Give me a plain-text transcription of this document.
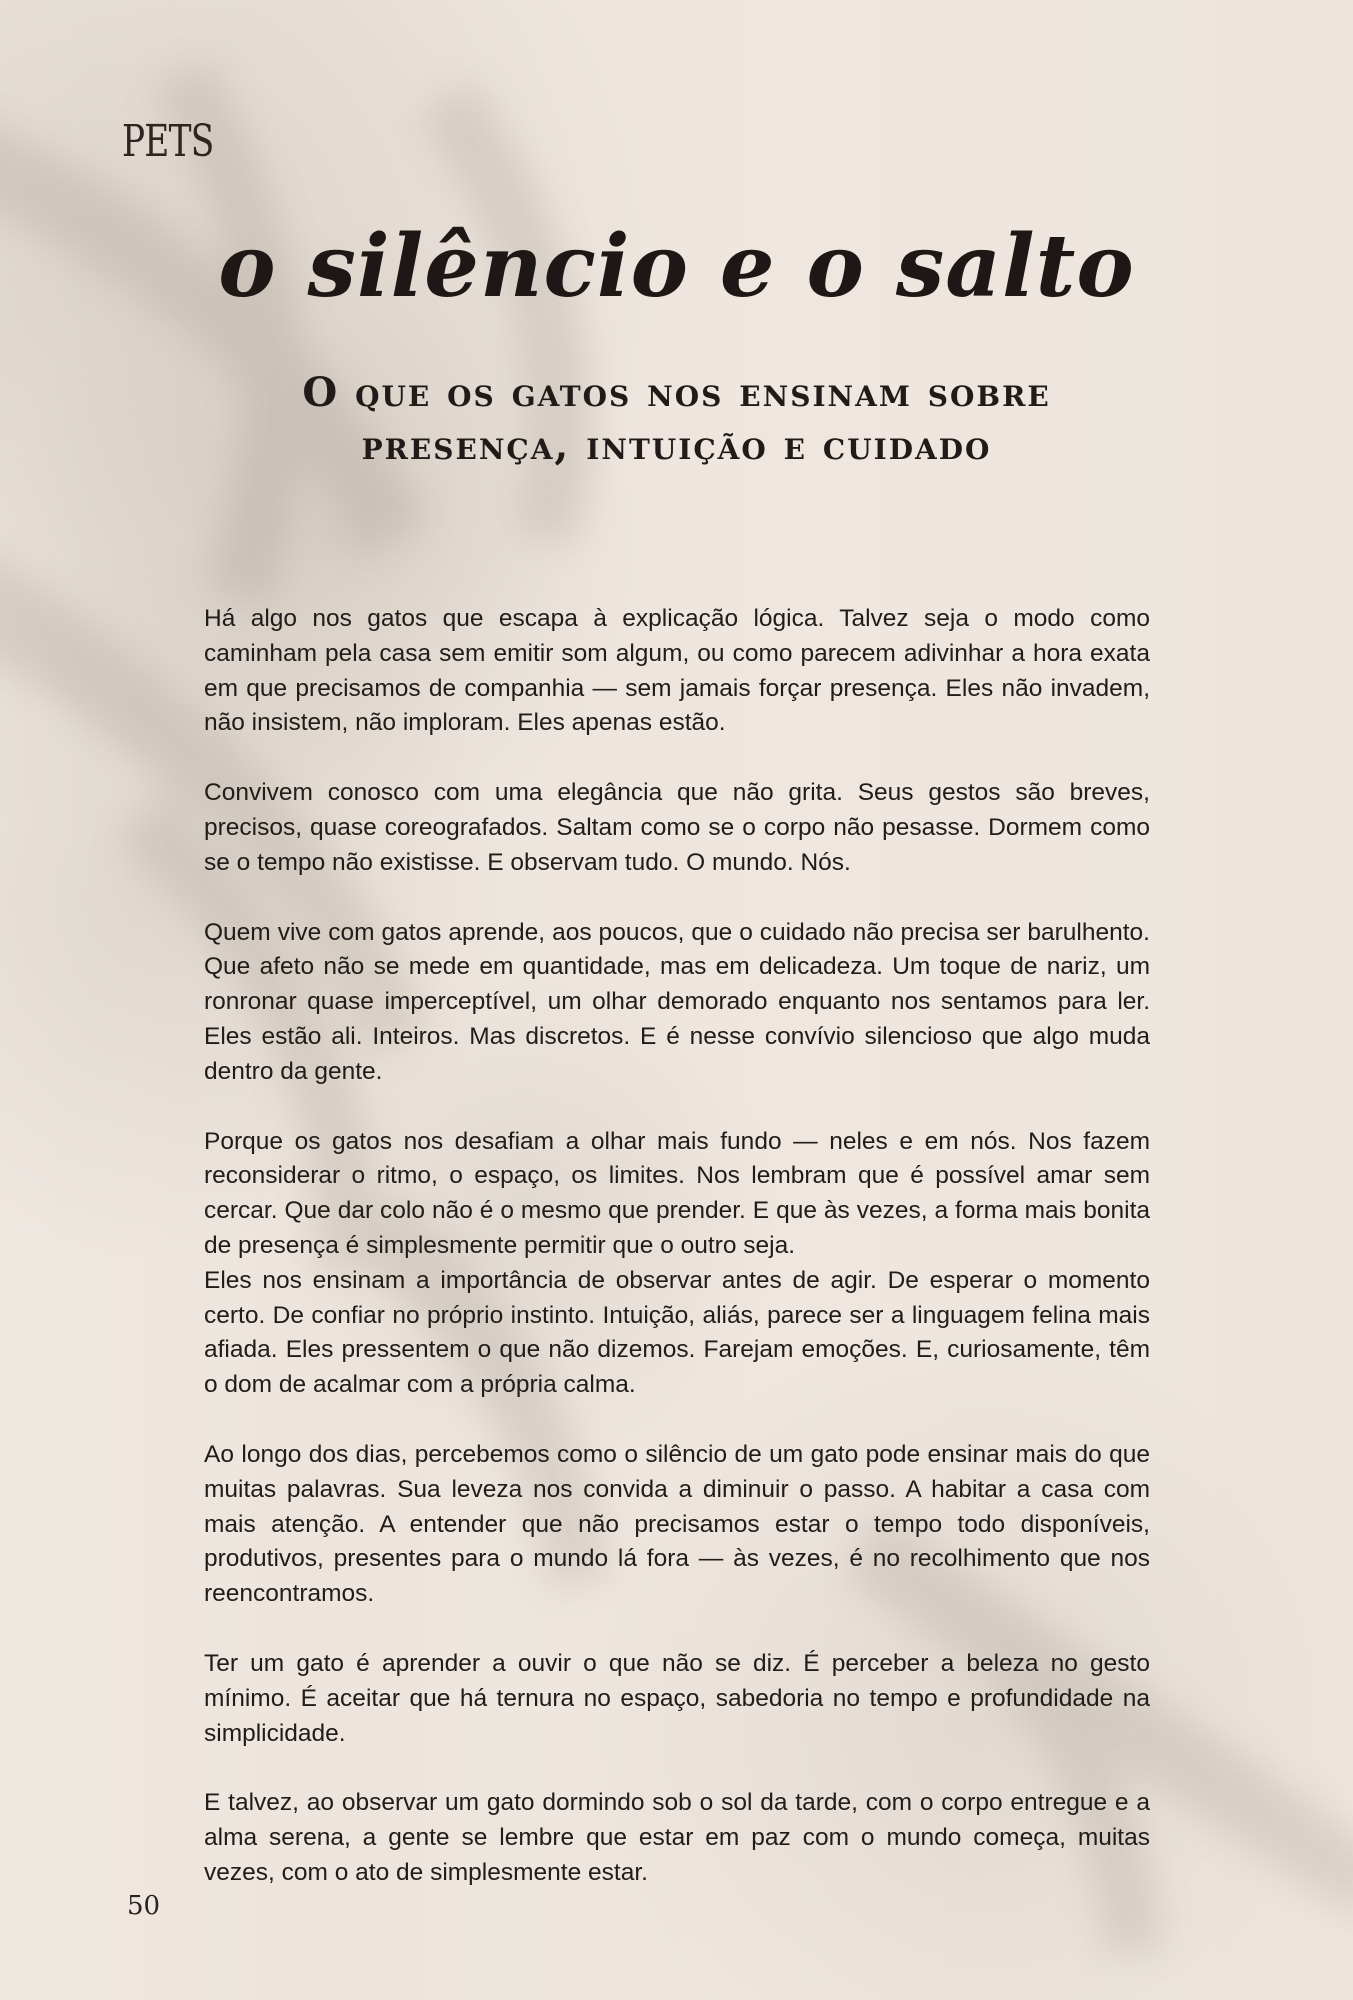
PETS

o silêncio e o salto
O que os gatos nos ensinam sobre
presença, intuição e cuidado

Há algo nos gatos que escapa à explicação lógica. Talvez seja o modo como caminham pela casa sem emitir som algum, ou como parecem adivinhar a hora exata em que precisamos de companhia — sem jamais forçar presença. Eles não invadem, não insistem, não imploram. Eles apenas estão.

Convivem conosco com uma elegância que não grita. Seus gestos são breves, precisos, quase coreografados. Saltam como se o corpo não pesasse. Dormem como se o tempo não existisse. E observam tudo. O mundo. Nós.

Quem vive com gatos aprende, aos poucos, que o cuidado não precisa ser barulhento. Que afeto não se mede em quantidade, mas em delicadeza. Um toque de nariz, um ronronar quase imperceptível, um olhar demorado enquanto nos sentamos para ler. Eles estão ali. Inteiros. Mas discretos. E é nesse convívio silencioso que algo muda dentro da gente.

Porque os gatos nos desafiam a olhar mais fundo — neles e em nós. Nos fazem reconsiderar o ritmo, o espaço, os limites. Nos lembram que é possível amar sem cercar. Que dar colo não é o mesmo que prender. E que às vezes, a forma mais bonita de presença é simplesmente permitir que o outro seja.

Eles nos ensinam a importância de observar antes de agir. De esperar o momento certo. De confiar no próprio instinto. Intuição, aliás, parece ser a linguagem felina mais afiada. Eles pressentem o que não dizemos. Farejam emoções. E, curiosamente, têm o dom de acalmar com a própria calma.

Ao longo dos dias, percebemos como o silêncio de um gato pode ensinar mais do que muitas palavras. Sua leveza nos convida a diminuir o passo. A habitar a casa com mais atenção. A entender que não precisamos estar o tempo todo disponíveis, produtivos, presentes para o mundo lá fora — às vezes, é no recolhimento que nos reencontramos.

Ter um gato é aprender a ouvir o que não se diz. É perceber a beleza no gesto mínimo. É aceitar que há ternura no espaço, sabedoria no tempo e profundidade na simplicidade.

E talvez, ao observar um gato dormindo sob o sol da tarde, com o corpo entregue e a alma serena, a gente se lembre que estar em paz com o mundo começa, muitas vezes, com o ato de simplesmente estar.

50
